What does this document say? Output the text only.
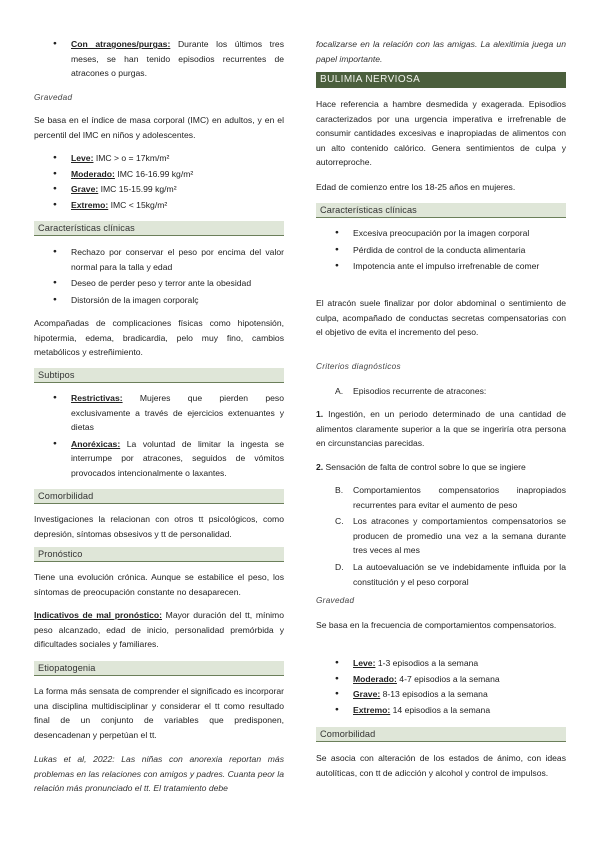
● Con atragones/purgas: Durante los últimos tres meses, se han tenido episodios recurrentes de atracones o purgas.
Gravedad

Se basa en el índice de masa corporal (IMC) en adultos, y en el percentil del IMC en niños y adolescentes.

● Leve: IMC > o = 17km/m²
● Moderado: IMC 16-16.99 kg/m²
● Grave: IMC 15-15.99 kg/m²
● Extremo: IMC < 15kg/m²
Características clínicas
● Rechazo por conservar el peso por encima del valor normal para la talla y edad
● Deseo de perder peso y terror ante la obesidad
● Distorsión de la imagen corporalç

Acompañadas de complicaciones físicas como hipotensión, hipotermia, edema, bradicardia, pelo muy fino, cambios metabólicos y estreñimiento.

Subtipos
● Restrictivas: Mujeres que pierden peso exclusivamente a través de ejercicios extenuantes y dietas
● Anoréxicas: La voluntad de limitar la ingesta se interrumpe por atracones, seguidos de vómitos provocados intencionalmente o laxantes.
Comorbilidad

Investigaciones la relacionan con otros tt psicológicos, como depresión, síntomas obsesivos y tt de personalidad.

Pronóstico

Tiene una evolución crónica. Aunque se estabilice el peso, los síntomas de preocupación constante no desaparecen.

Indicativos de mal pronóstico: Mayor duración del tt, mínimo peso alcanzado, edad de inicio, personalidad premórbida y dificultades sociales y familiares.

Etiopatogenia

La forma más sensata de comprender el significado es incorporar una disciplina multidisciplinar y considerar el tt como resultado final de un conjunto de variables que predisponen, desencadenan y perpetúan el tt.

Lukas et al, 2022: Las niñas con anorexia reportan más problemas en las relaciones con amigos y padres. Cuanta peor la relación más pronunciado el tt. El tratamiento debe

focalizarse en la relación con las amigas. La alexitimia juega un papel importante.

BULIMIA NERVIOSA

Hace referencia a hambre desmedida y exagerada. Episodios caracterizados por una urgencia imperativa e irrefrenable de consumir cantidades excesivas e inapropiadas de alimentos con un alto contenido calórico. Genera sentimientos de culpa y autorreproche.

Edad de comienzo entre los 18-25 años en mujeres.

Características clínicas
● Excesiva preocupación por la imagen corporal
● Pérdida de control de la conducta alimentaria
● Impotencia ante el impulso irrefrenable de comer

El atracón suele finalizar por dolor abdominal o sentimiento de culpa, acompañado de conductas secretas compensatorias con el objetivo de evita el incremento del peso.

Criterios diagnósticos
A. Episodios recurrente de atracones:

1. Ingestión, en un periodo determinado de una cantidad de alimentos claramente superior a la que se ingeriría otra persona en circunstancias parecidas.

2. Sensación de falta de control sobre lo que se ingiere

B. Comportamientos compensatorios inapropiados recurrentes para evitar el aumento de peso
C. Los atracones y comportamientos compensatorios se producen de promedio una vez a la semana durante tres veces al mes
D. La autoevaluación se ve indebidamente influida por la constitución y el peso corporal
Gravedad

Se basa en la frecuencia de comportamientos compensatorios.

● Leve: 1-3 episodios a la semana
● Moderado: 4-7 episodios a la semana
● Grave: 8-13 episodios a la semana
● Extremo: 14 episodios a la semana
Comorbilidad

Se asocia con alteración de los estados de ánimo, con ideas autolíticas, con tt de adicción y alcohol y control de impulsos.
